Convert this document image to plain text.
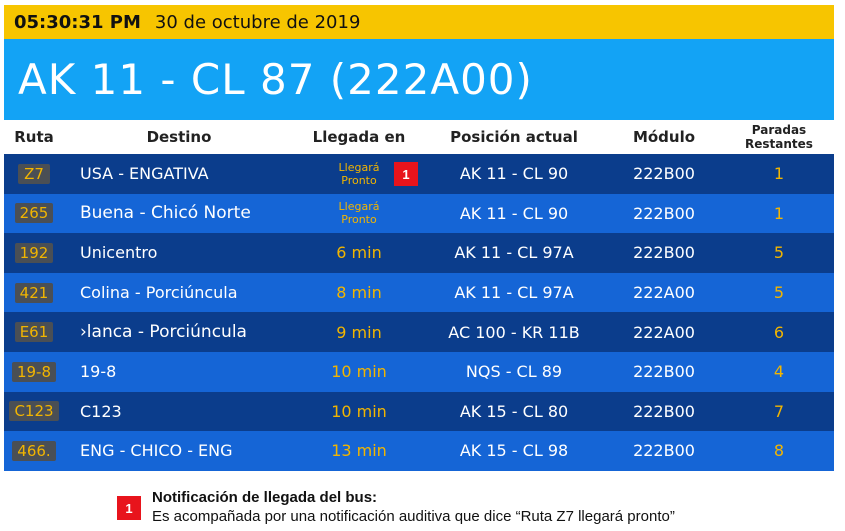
05:30:31 PM 30 de octubre de 2019
AK 11 - CL 87 (222A00)
Ruta	Destino	Llegada en	Posición actual	Módulo	Paradas
Restantes
Z7	USA - ENGATIVA	Llegará
Pronto	AK 11 - CL 90	222B00	1
265 Buena - Chicó Norte	Llegará
Pronto	AK 11 - CL 90	222B00	1
192	Unicentro	6 min	AK 11 - CL 97A	222B00	5
421	Colina - Porciúncula	8 min	AK 11 - CL 97A	222A00	5
E61 ›lanca - Porciúncula	9 min	AC 100 - KR 11B	222A00	6
19-8	19-8	10 min	NQS - CL 89	222B00	4
C123	C123	10 min	AK 15 - CL 80	222B00	7
466.	ENG - CHICO - ENG	13 min	AK 15 - CL 98	222B00	8
1
1
Notificación de llegada del bus:
Es acompañada por una notificación auditiva que dice “Ruta Z7 llegará pronto”
